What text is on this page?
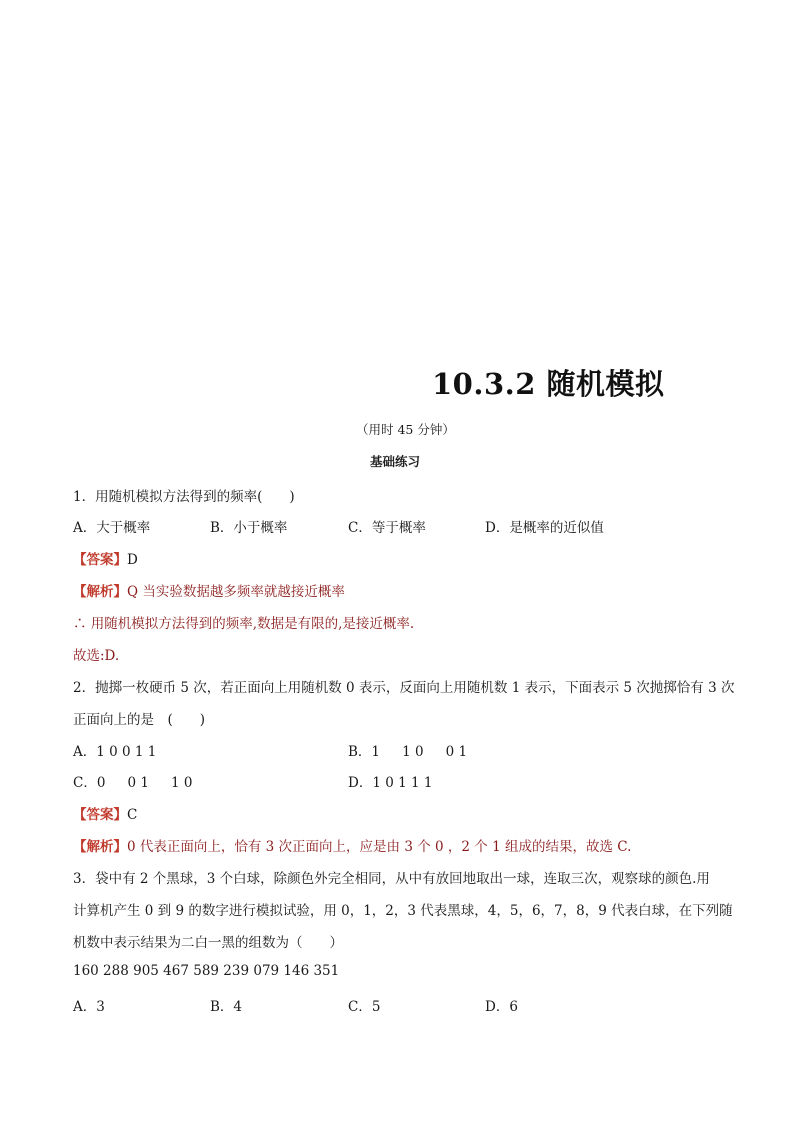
10.3.2 随机模拟
（用时 45 分钟）
基础练习
1．用随机模拟方法得到的频率(　　)
A．大于概率	B．小于概率	C．等于概率	D．是概率的近似值
【答案】D
【解析】Q 当实验数据越多频率就越接近概率
∴ 用随机模拟方法得到的频率,数据是有限的,是接近概率.
故选:D.
2．抛掷一枚硬币 5 次，若正面向上用随机数 0 表示，反面向上用随机数 1 表示，下面表示 5 次抛掷恰有 3 次
正面向上的是　(　　)
A．1 0 0 1 1	B．1 　 1 0 　 0 1
C．0 　 0 1 　 1 0	D．1 0 1 1 1
【答案】C
【解析】0 代表正面向上，恰有 3 次正面向上，应是由 3 个 0 ，2 个 1 组成的结果，故选 C.
3．袋中有 2 个黑球，3 个白球，除颜色外完全相同，从中有放回地取出一球，连取三次，观察球的颜色.用
计算机产生 0 到 9 的数字进行模拟试验，用 0，1，2，3 代表黑球，4，5，6，7，8，9 代表白球，在下列随
机数中表示结果为二白一黑的组数为（　　）
160 288 905 467 589 239 079 146 351
A．3	B．4	C．5	D．6
